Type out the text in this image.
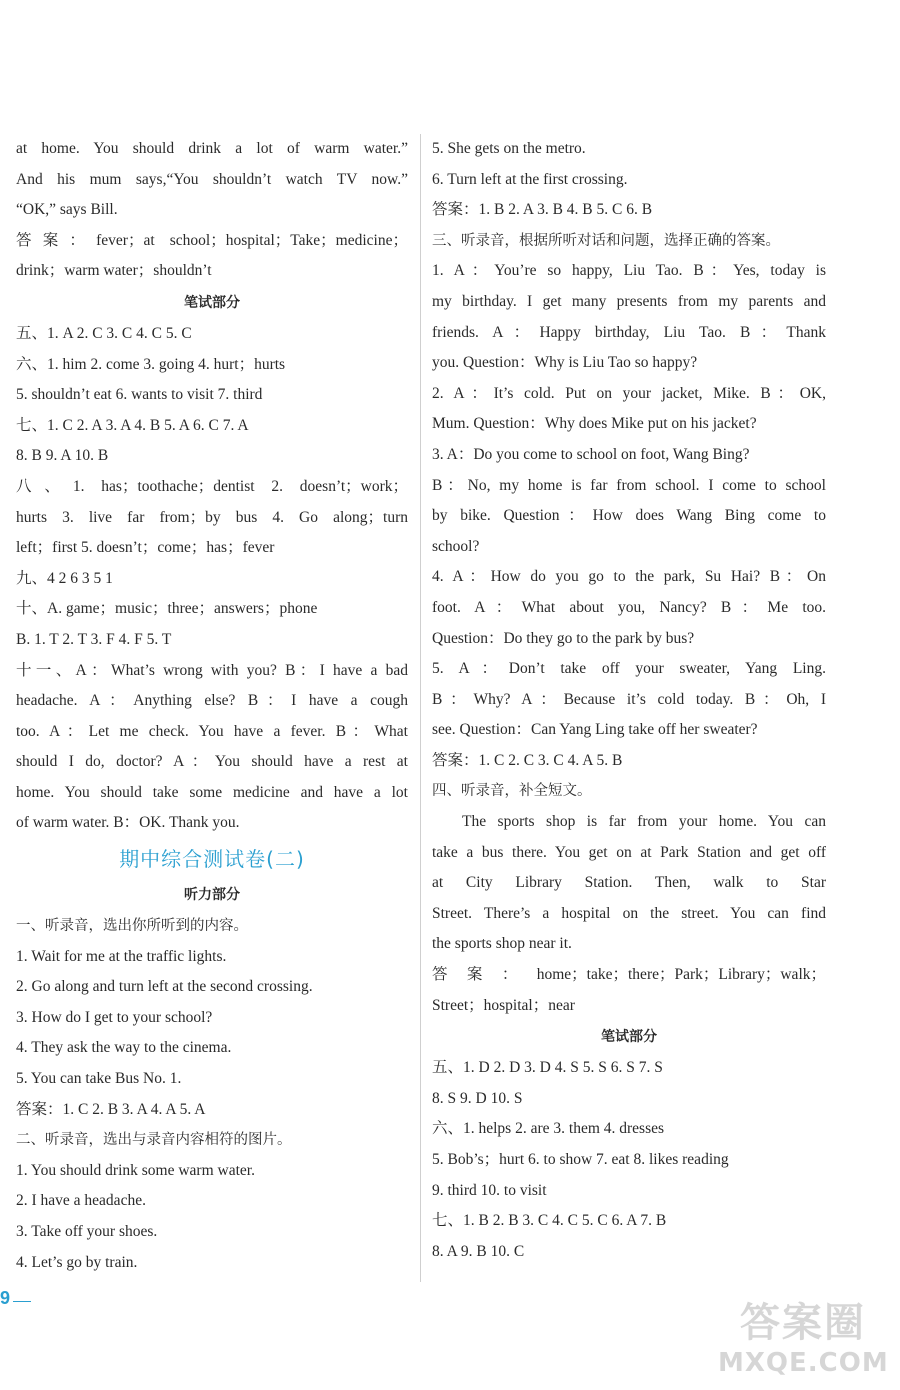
at home. You should drink a lot of warm water.”
And his mum says,“You shouldn’t watch TV now.”
“OK,” says Bill.
答案：fever；at school；hospital；Take；medicine；
drink；warm water；shouldn’t
笔试部分
五、1. A 2. C 3. C 4. C 5. C
六、1. him 2. come 3. going 4. hurt；hurts
5. shouldn’t eat 6. wants to visit 7. third
七、1. C 2. A 3. A 4. B 5. A 6. C 7. A
8. B 9. A 10. B
八、1. has；toothache；dentist 2. doesn’t；work；
hurts 3. live far from；by bus 4. Go along；turn
left；first 5. doesn’t；come；has；fever
九、4 2 6 3 5 1
十、A. game；music；three；answers；phone
B. 1. T 2. T 3. F 4. F 5. T
十一、A：What’s wrong with you? B：I have a bad
headache. A：Anything else? B：I have a cough
too. A：Let me check. You have a fever. B：What
should I do, doctor? A：You should have a rest at
home. You should take some medicine and have a lot
of warm water. B：OK. Thank you.
期中综合测试卷(二)
听力部分
一、听录音，选出你所听到的内容。
1. Wait for me at the traffic lights.
2. Go along and turn left at the second crossing.
3. How do I get to your school?
4. They ask the way to the cinema.
5. You can take Bus No. 1.
答案：1. C 2. B 3. A 4. A 5. A
二、听录音，选出与录音内容相符的图片。
1. You should drink some warm water.
2. I have a headache.
3. Take off your shoes.
4. Let’s go by train.
5. She gets on the metro.
6. Turn left at the first crossing.
答案：1. B 2. A 3. B 4. B 5. C 6. B
三、听录音，根据所听对话和问题，选择正确的答案。
1. A：You’re so happy, Liu Tao. B：Yes, today is
my birthday. I get many presents from my parents and
friends. A：Happy birthday, Liu Tao. B：Thank
you. Question：Why is Liu Tao so happy?
2. A：It’s cold. Put on your jacket, Mike. B：OK,
Mum. Question：Why does Mike put on his jacket?
3. A：Do you come to school on foot, Wang Bing?
B：No, my home is far from school. I come to school
by bike. Question：How does Wang Bing come to
school?
4. A：How do you go to the park, Su Hai? B：On
foot. A：What about you, Nancy? B：Me too.
Question：Do they go to the park by bus?
5. A：Don’t take off your sweater, Yang Ling.
B：Why? A：Because it’s cold today. B：Oh, I
see. Question：Can Yang Ling take off her sweater?
答案：1. C 2. C 3. C 4. A 5. B
四、听录音，补全短文。
The sports shop is far from your home. You can
take a bus there. You get on at Park Station and get off
at City Library Station. Then, walk to Star
Street. There’s a hospital on the street. You can find
the sports shop near it.
答案：home；take；there；Park；Library；walk；
Street；hospital；near
笔试部分
五、1. D 2. D 3. D 4. S 5. S 6. S 7. S
8. S 9. D 10. S
六、1. helps 2. are 3. them 4. dresses
5. Bob’s；hurt 6. to show 7. eat 8. likes reading
9. third 10. to visit
七、1. B 2. B 3. C 4. C 5. C 6. A 7. B
8. A 9. B 10. C
9
答案圈
MXQE.COM
